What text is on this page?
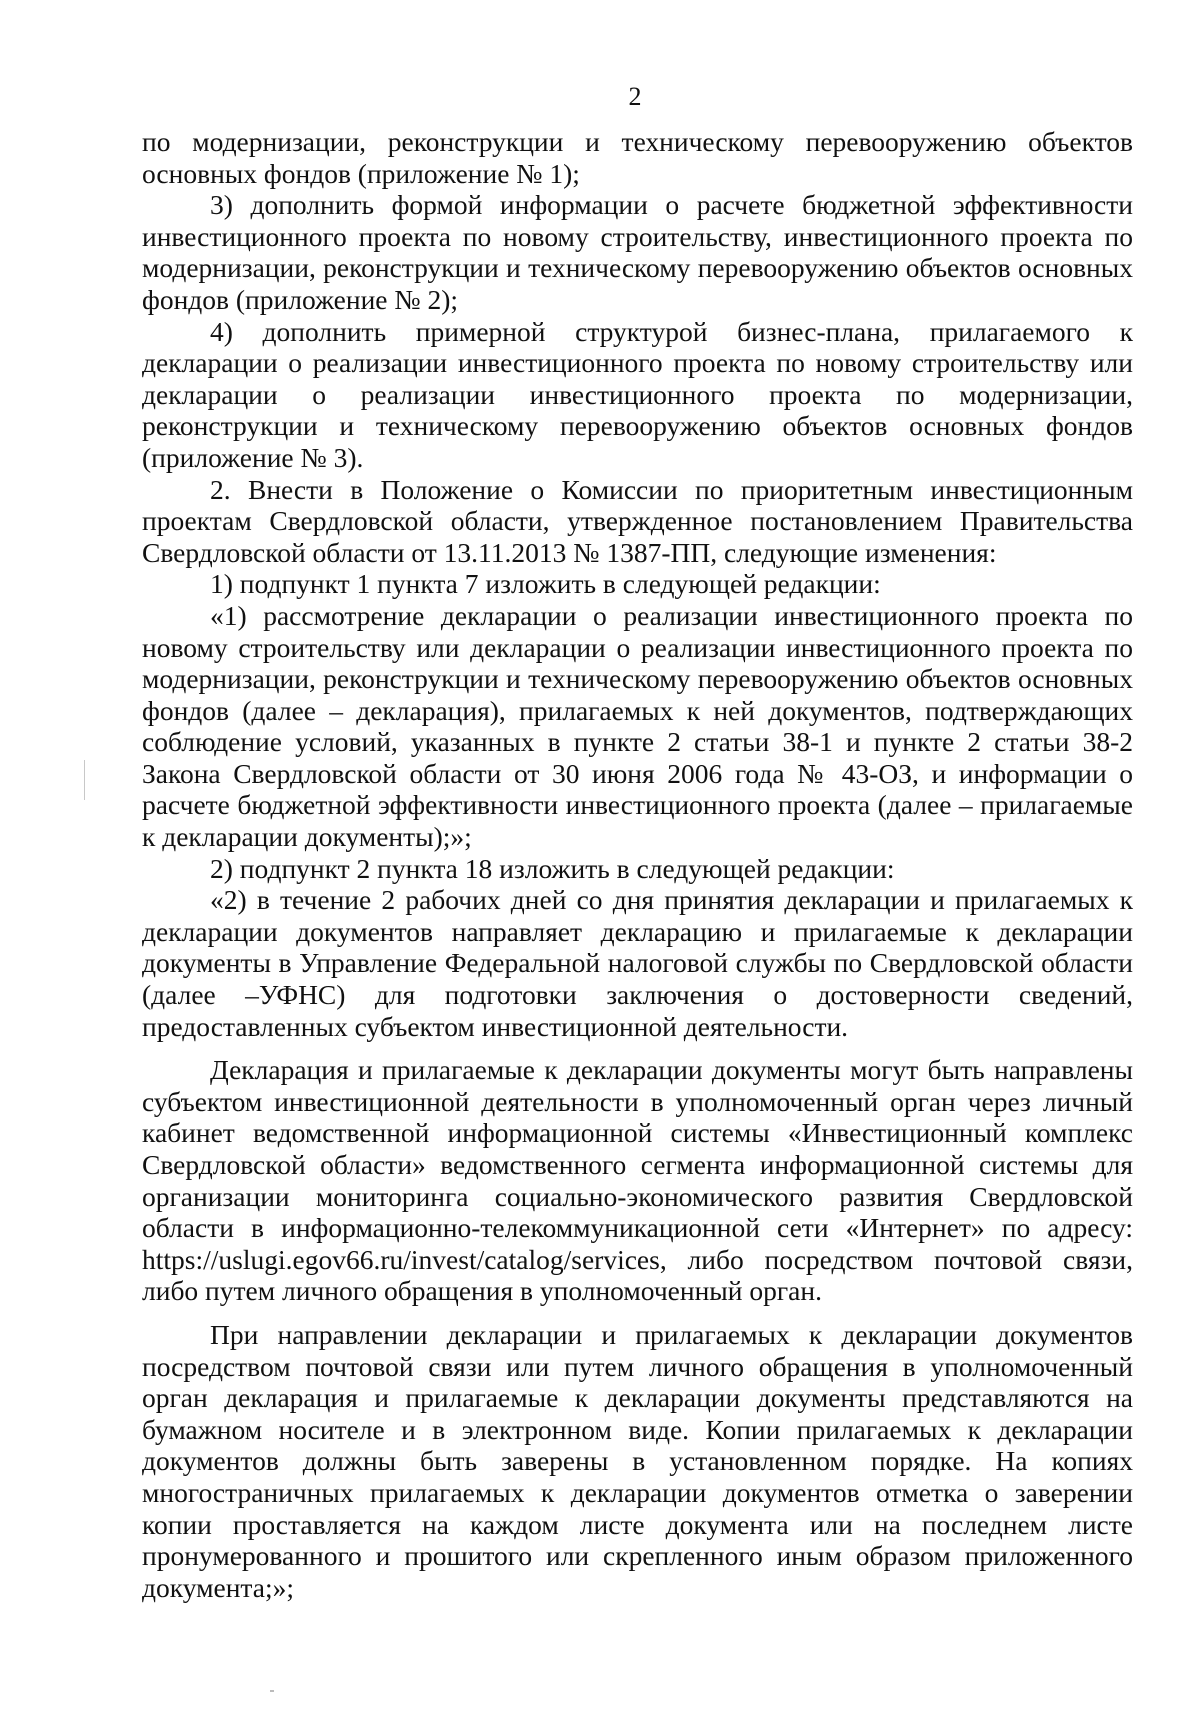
2

по модернизации, реконструкции и техническому перевооружению объектов основных фондов (приложение № 1);

3) дополнить формой информации о расчете бюджетной эффективности инвестиционного проекта по новому строительству, инвестиционного проекта по модернизации, реконструкции и техническому перевооружению объектов основных фондов (приложение № 2);

4) дополнить примерной структурой бизнес-плана, прилагаемого к декларации о реализации инвестиционного проекта по новому строительству или декларации о реализации инвестиционного проекта по модернизации, реконструкции и техническому перевооружению объектов основных фондов (приложение № 3).

2. Внести в Положение о Комиссии по приоритетным инвестиционным проектам Свердловской области, утвержденное постановлением Правительства Свердловской области от 13.11.2013 № 1387-ПП, следующие изменения:

1) подпункт 1 пункта 7 изложить в следующей редакции:

«1) рассмотрение декларации о реализации инвестиционного проекта по новому строительству или декларации о реализации инвестиционного проекта по модернизации, реконструкции и техническому перевооружению объектов основных фондов (далее – декларация), прилагаемых к ней документов, подтверждающих соблюдение условий, указанных в пункте 2 статьи 38-1 и пункте 2 статьи 38-2 Закона Свердловской области от 30 июня 2006 года № 43-ОЗ, и информации о расчете бюджетной эффективности инвестиционного проекта (далее – прилагаемые к декларации документы);»;

2) подпункт 2 пункта 18 изложить в следующей редакции:

«2) в течение 2 рабочих дней со дня принятия декларации и прилагаемых к декларации документов направляет декларацию и прилагаемые к декларации документы в Управление Федеральной налоговой службы по Свердловской области (далее –УФНС) для подготовки заключения о достоверности сведений, предоставленных субъектом инвестиционной деятельности.

Декларация и прилагаемые к декларации документы могут быть направлены субъектом инвестиционной деятельности в уполномоченный орган через личный кабинет ведомственной информационной системы «Инвестиционный комплекс Свердловской области» ведомственного сегмента информационной системы для организации мониторинга социально-экономического развития Свердловской области в информационно-телекоммуникационной сети «Интернет» по адресу: https://uslugi.egov66.ru/invest/catalog/services, либо посредством почтовой связи, либо путем личного обращения в уполномоченный орган.

При направлении декларации и прилагаемых к декларации документов посредством почтовой связи или путем личного обращения в уполномоченный орган декларация и прилагаемые к декларации документы представляются на бумажном носителе и в электронном виде. Копии прилагаемых к декларации документов должны быть заверены в установленном порядке. На копиях многостраничных прилагаемых к декларации документов отметка о заверении копии проставляется на каждом листе документа или на последнем листе пронумерованного и прошитого или скрепленного иным образом приложенного документа;»;
